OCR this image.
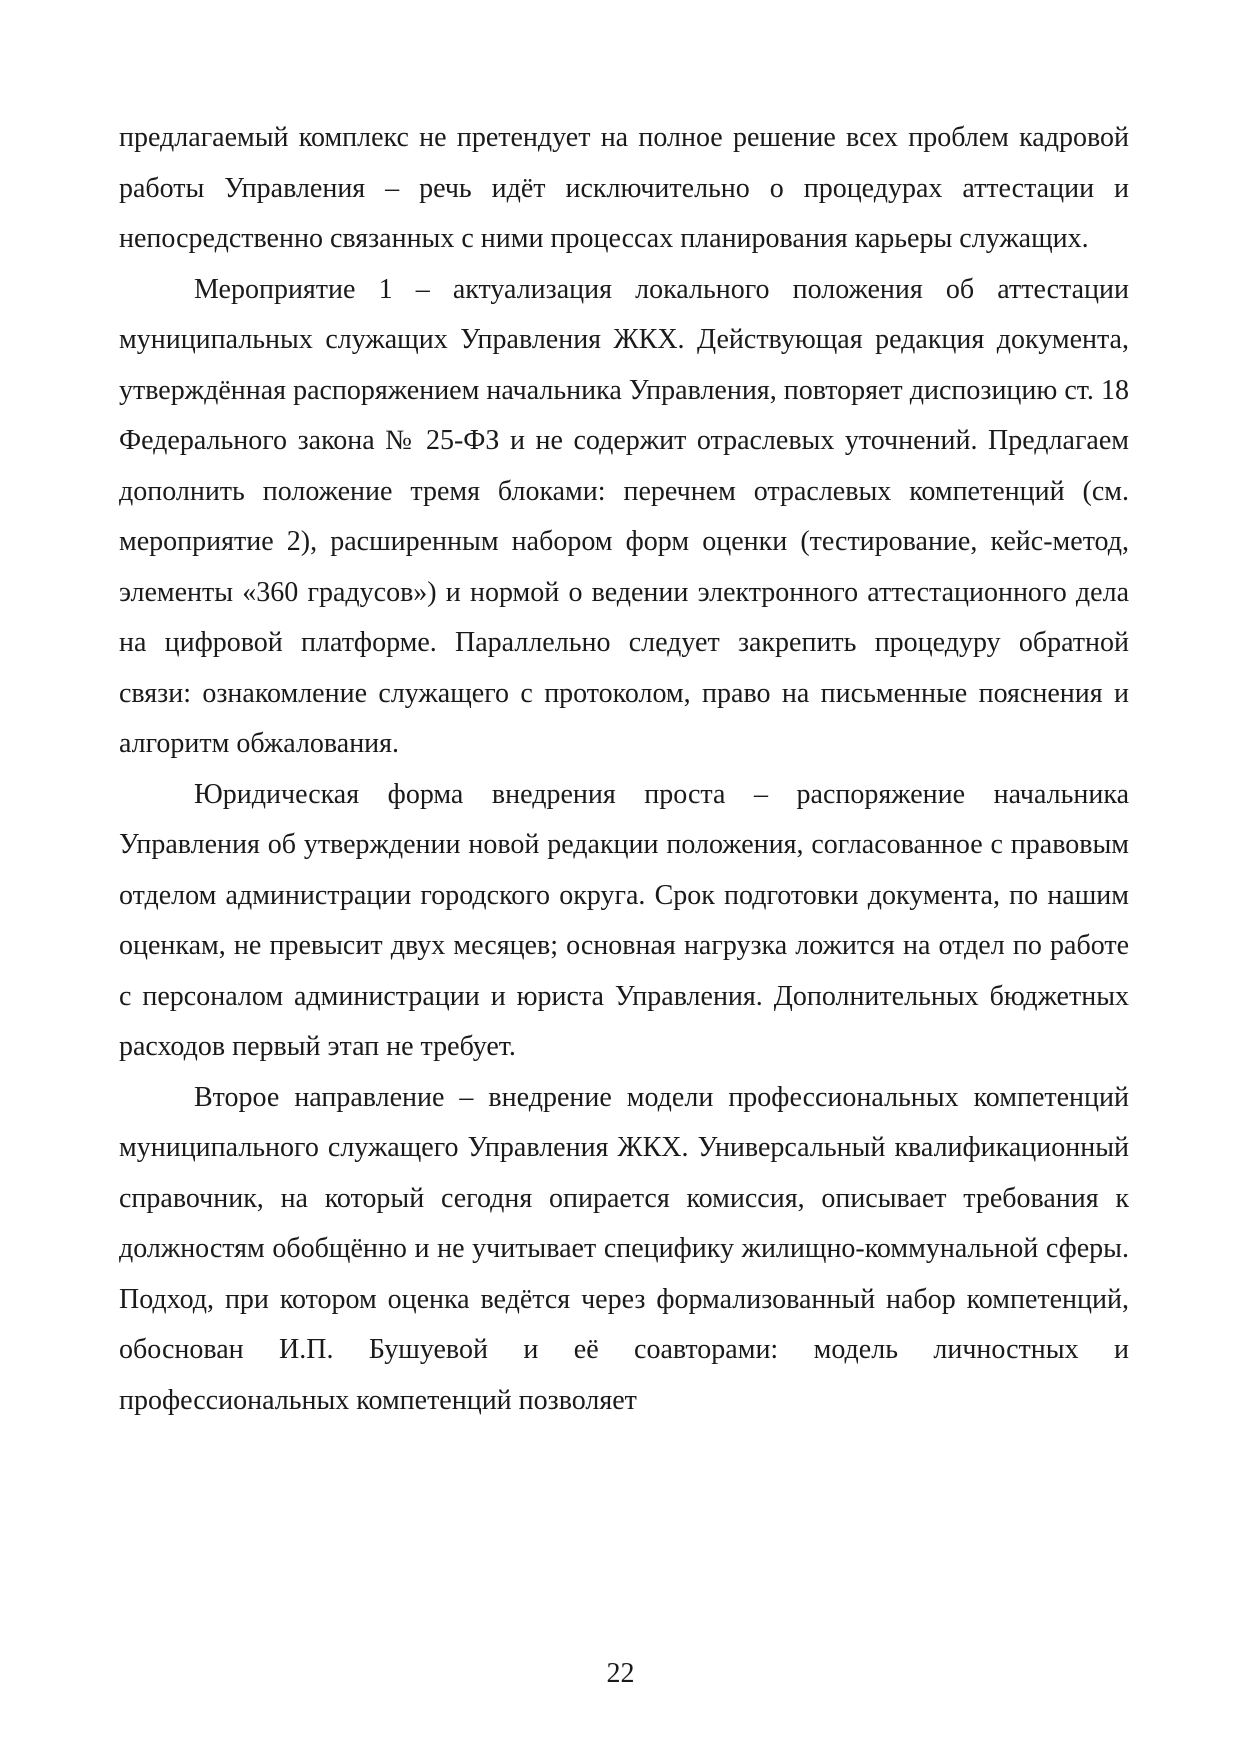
предлагаемый комплекс не претендует на полное решение всех проблем кадровой работы Управления – речь идёт исключительно о процедурах аттестации и непосредственно связанных с ними процессах планирования карьеры служащих.

Мероприятие 1 – актуализация локального положения об аттестации муниципальных служащих Управления ЖКХ. Действующая редакция документа, утверждённая распоряжением начальника Управления, повторяет диспозицию ст. 18 Федерального закона № 25-ФЗ и не содержит отраслевых уточнений. Предлагаем дополнить положение тремя блоками: перечнем отраслевых компетенций (см. мероприятие 2), расширенным набором форм оценки (тестирование, кейс-метод, элементы «360 градусов») и нормой о ведении электронного аттестационного дела на цифровой платформе. Параллельно следует закрепить процедуру обратной связи: ознакомление служащего с протоколом, право на письменные пояснения и алгоритм обжалования.

Юридическая форма внедрения проста – распоряжение начальника Управления об утверждении новой редакции положения, согласованное с правовым отделом администрации городского округа. Срок подготовки документа, по нашим оценкам, не превысит двух месяцев; основная нагрузка ложится на отдел по работе с персоналом администрации и юриста Управления. Дополнительных бюджетных расходов первый этап не требует.

Второе направление – внедрение модели профессиональных компетенций муниципального служащего Управления ЖКХ. Универсальный квалификационный справочник, на который сегодня опирается комиссия, описывает требования к должностям обобщённо и не учитывает специфику жилищно-коммунальной сферы. Подход, при котором оценка ведётся через формализованный набор компетенций, обоснован И.П. Бушуевой и её соавторами: модель личностных и профессиональных компетенций позволяет

22
